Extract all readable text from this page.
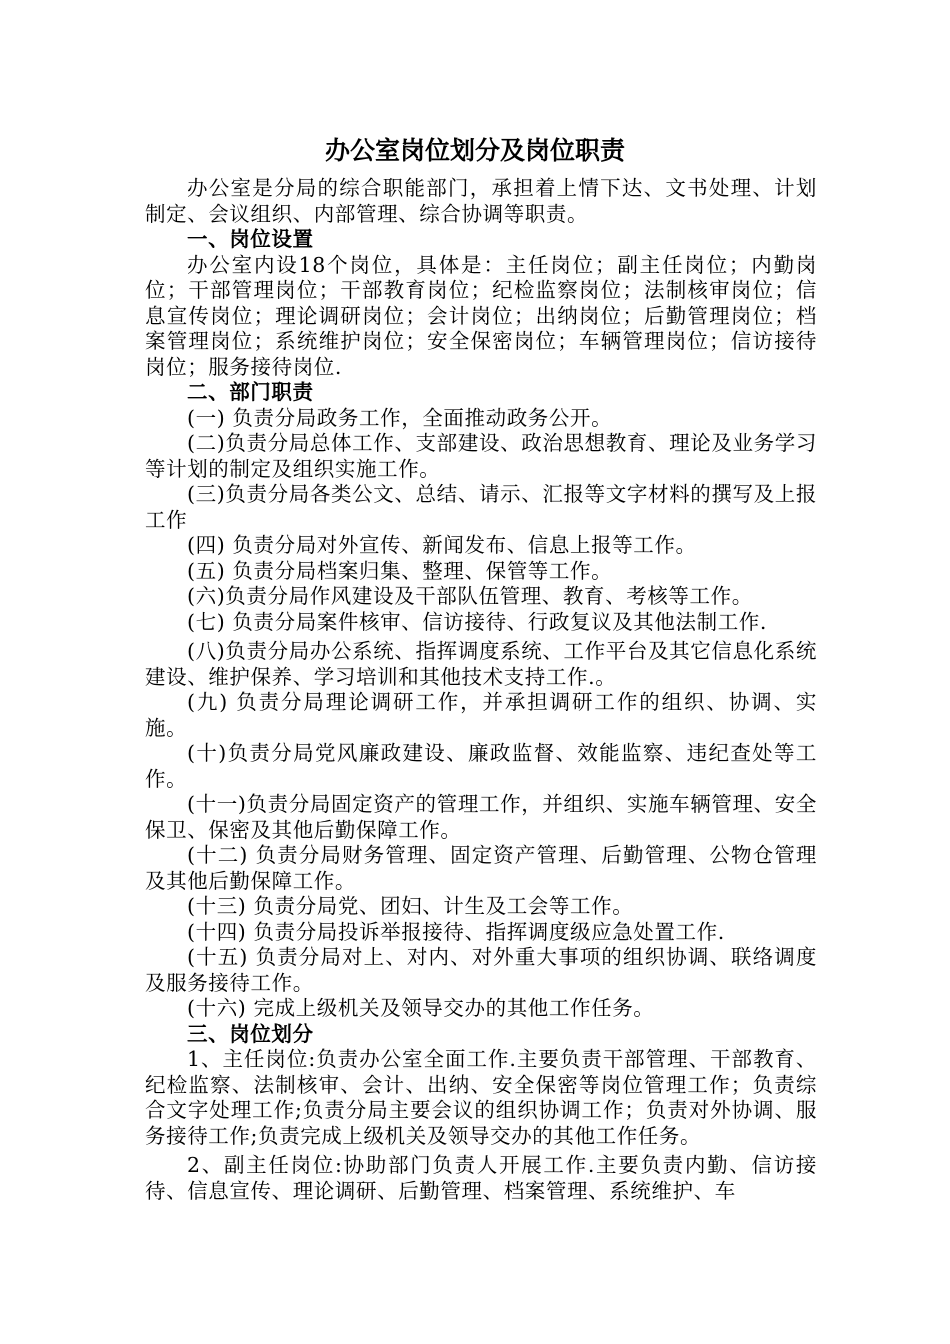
办公室岗位划分及岗位职责

办公室是分局的综合职能部门，承担着上情下达、文书处理、计划制定、会议组织、内部管理、综合协调等职责。

一、岗位设置

办公室内设18个岗位，具体是：主任岗位；副主任岗位；内勤岗位；干部管理岗位；干部教育岗位；纪检监察岗位；法制核审岗位；信息宣传岗位；理论调研岗位；会计岗位；出纳岗位；后勤管理岗位；档案管理岗位；系统维护岗位；安全保密岗位；车辆管理岗位；信访接待岗位；服务接待岗位.

二、部门职责

(一) 负责分局政务工作，全面推动政务公开。

(二)负责分局总体工作、支部建设、政治思想教育、理论及业务学习等计划的制定及组织实施工作。

(三)负责分局各类公文、总结、请示、汇报等文字材料的撰写及上报工作

(四) 负责分局对外宣传、新闻发布、信息上报等工作。

(五) 负责分局档案归集、整理、保管等工作。

(六)负责分局作风建设及干部队伍管理、教育、考核等工作。

(七) 负责分局案件核审、信访接待、行政复议及其他法制工作.

(八)负责分局办公系统、指挥调度系统、工作平台及其它信息化系统建设、维护保养、学习培训和其他技术支持工作.。

(九) 负责分局理论调研工作，并承担调研工作的组织、协调、实施。

(十)负责分局党风廉政建设、廉政监督、效能监察、违纪查处等工作。

(十一)负责分局固定资产的管理工作，并组织、实施车辆管理、安全保卫、保密及其他后勤保障工作。

(十二) 负责分局财务管理、固定资产管理、后勤管理、公物仓管理及其他后勤保障工作。

(十三) 负责分局党、团妇、计生及工会等工作。

(十四) 负责分局投诉举报接待、指挥调度级应急处置工作.

(十五) 负责分局对上、对内、对外重大事项的组织协调、联络调度及服务接待工作。

(十六) 完成上级机关及领导交办的其他工作任务。

三、岗位划分

1、主任岗位:负责办公室全面工作.主要负责干部管理、干部教育、纪检监察、法制核审、会计、出纳、安全保密等岗位管理工作；负责综合文字处理工作;负责分局主要会议的组织协调工作；负责对外协调、服务接待工作;负责完成上级机关及领导交办的其他工作任务。

2、副主任岗位:协助部门负责人开展工作.主要负责内勤、信访接待、信息宣传、理论调研、后勤管理、档案管理、系统维护、车
